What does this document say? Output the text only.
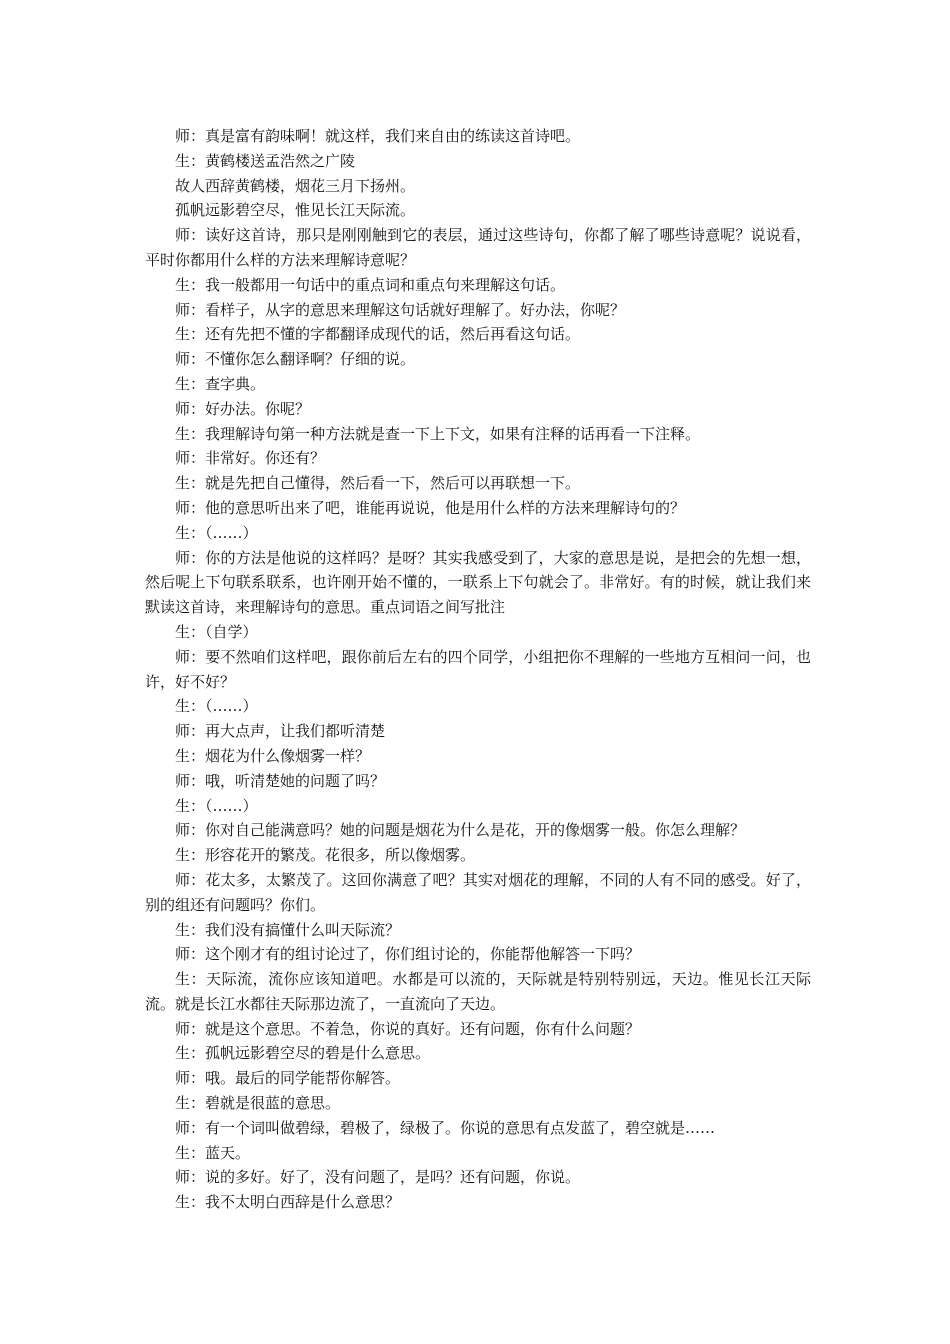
师：真是富有韵味啊！就这样，我们来自由的练读这首诗吧。

生：黄鹤楼送孟浩然之广陵

故人西辞黄鹤楼，烟花三月下扬州。

孤帆远影碧空尽，惟见长江天际流。

师：读好这首诗，那只是刚刚触到它的表层，通过这些诗句，你都了解了哪些诗意呢？说说看，平时你都用什么样的方法来理解诗意呢？

生：我一般都用一句话中的重点词和重点句来理解这句话。

师：看样子，从字的意思来理解这句话就好理解了。好办法，你呢？

生：还有先把不懂的字都翻译成现代的话，然后再看这句话。

师：不懂你怎么翻译啊？仔细的说。

生：查字典。

师：好办法。你呢？

生：我理解诗句第一种方法就是查一下上下文，如果有注释的话再看一下注释。

师：非常好。你还有？

生：就是先把自己懂得，然后看一下，然后可以再联想一下。

师：他的意思听出来了吧，谁能再说说，他是用什么样的方法来理解诗句的？

生：（……）

师：你的方法是他说的这样吗？是呀？其实我感受到了，大家的意思是说，是把会的先想一想，然后呢上下句联系联系，也许刚开始不懂的，一联系上下句就会了。非常好。有的时候，就让我们来默读这首诗，来理解诗句的意思。重点词语之间写批注

生：（自学）

师：要不然咱们这样吧，跟你前后左右的四个同学，小组把你不理解的一些地方互相问一问，也许，好不好？

生：（……）

师：再大点声，让我们都听清楚

生：烟花为什么像烟雾一样？

师：哦，听清楚她的问题了吗？

生：（……）

师：你对自己能满意吗？她的问题是烟花为什么是花，开的像烟雾一般。你怎么理解？

生：形容花开的繁茂。花很多，所以像烟雾。

师：花太多，太繁茂了。这回你满意了吧？其实对烟花的理解，不同的人有不同的感受。好了，别的组还有问题吗？你们。

生：我们没有搞懂什么叫天际流？

师：这个刚才有的组讨论过了，你们组讨论的，你能帮他解答一下吗？

生：天际流，流你应该知道吧。水都是可以流的，天际就是特别特别远，天边。惟见长江天际流。就是长江水都往天际那边流了，一直流向了天边。

师：就是这个意思。不着急，你说的真好。还有问题，你有什么问题？

生：孤帆远影碧空尽的碧是什么意思。

师：哦。最后的同学能帮你解答。

生：碧就是很蓝的意思。

师：有一个词叫做碧绿，碧极了，绿极了。你说的意思有点发蓝了，碧空就是……

生：蓝天。

师：说的多好。好了，没有问题了，是吗？还有问题，你说。

生：我不太明白西辞是什么意思？
